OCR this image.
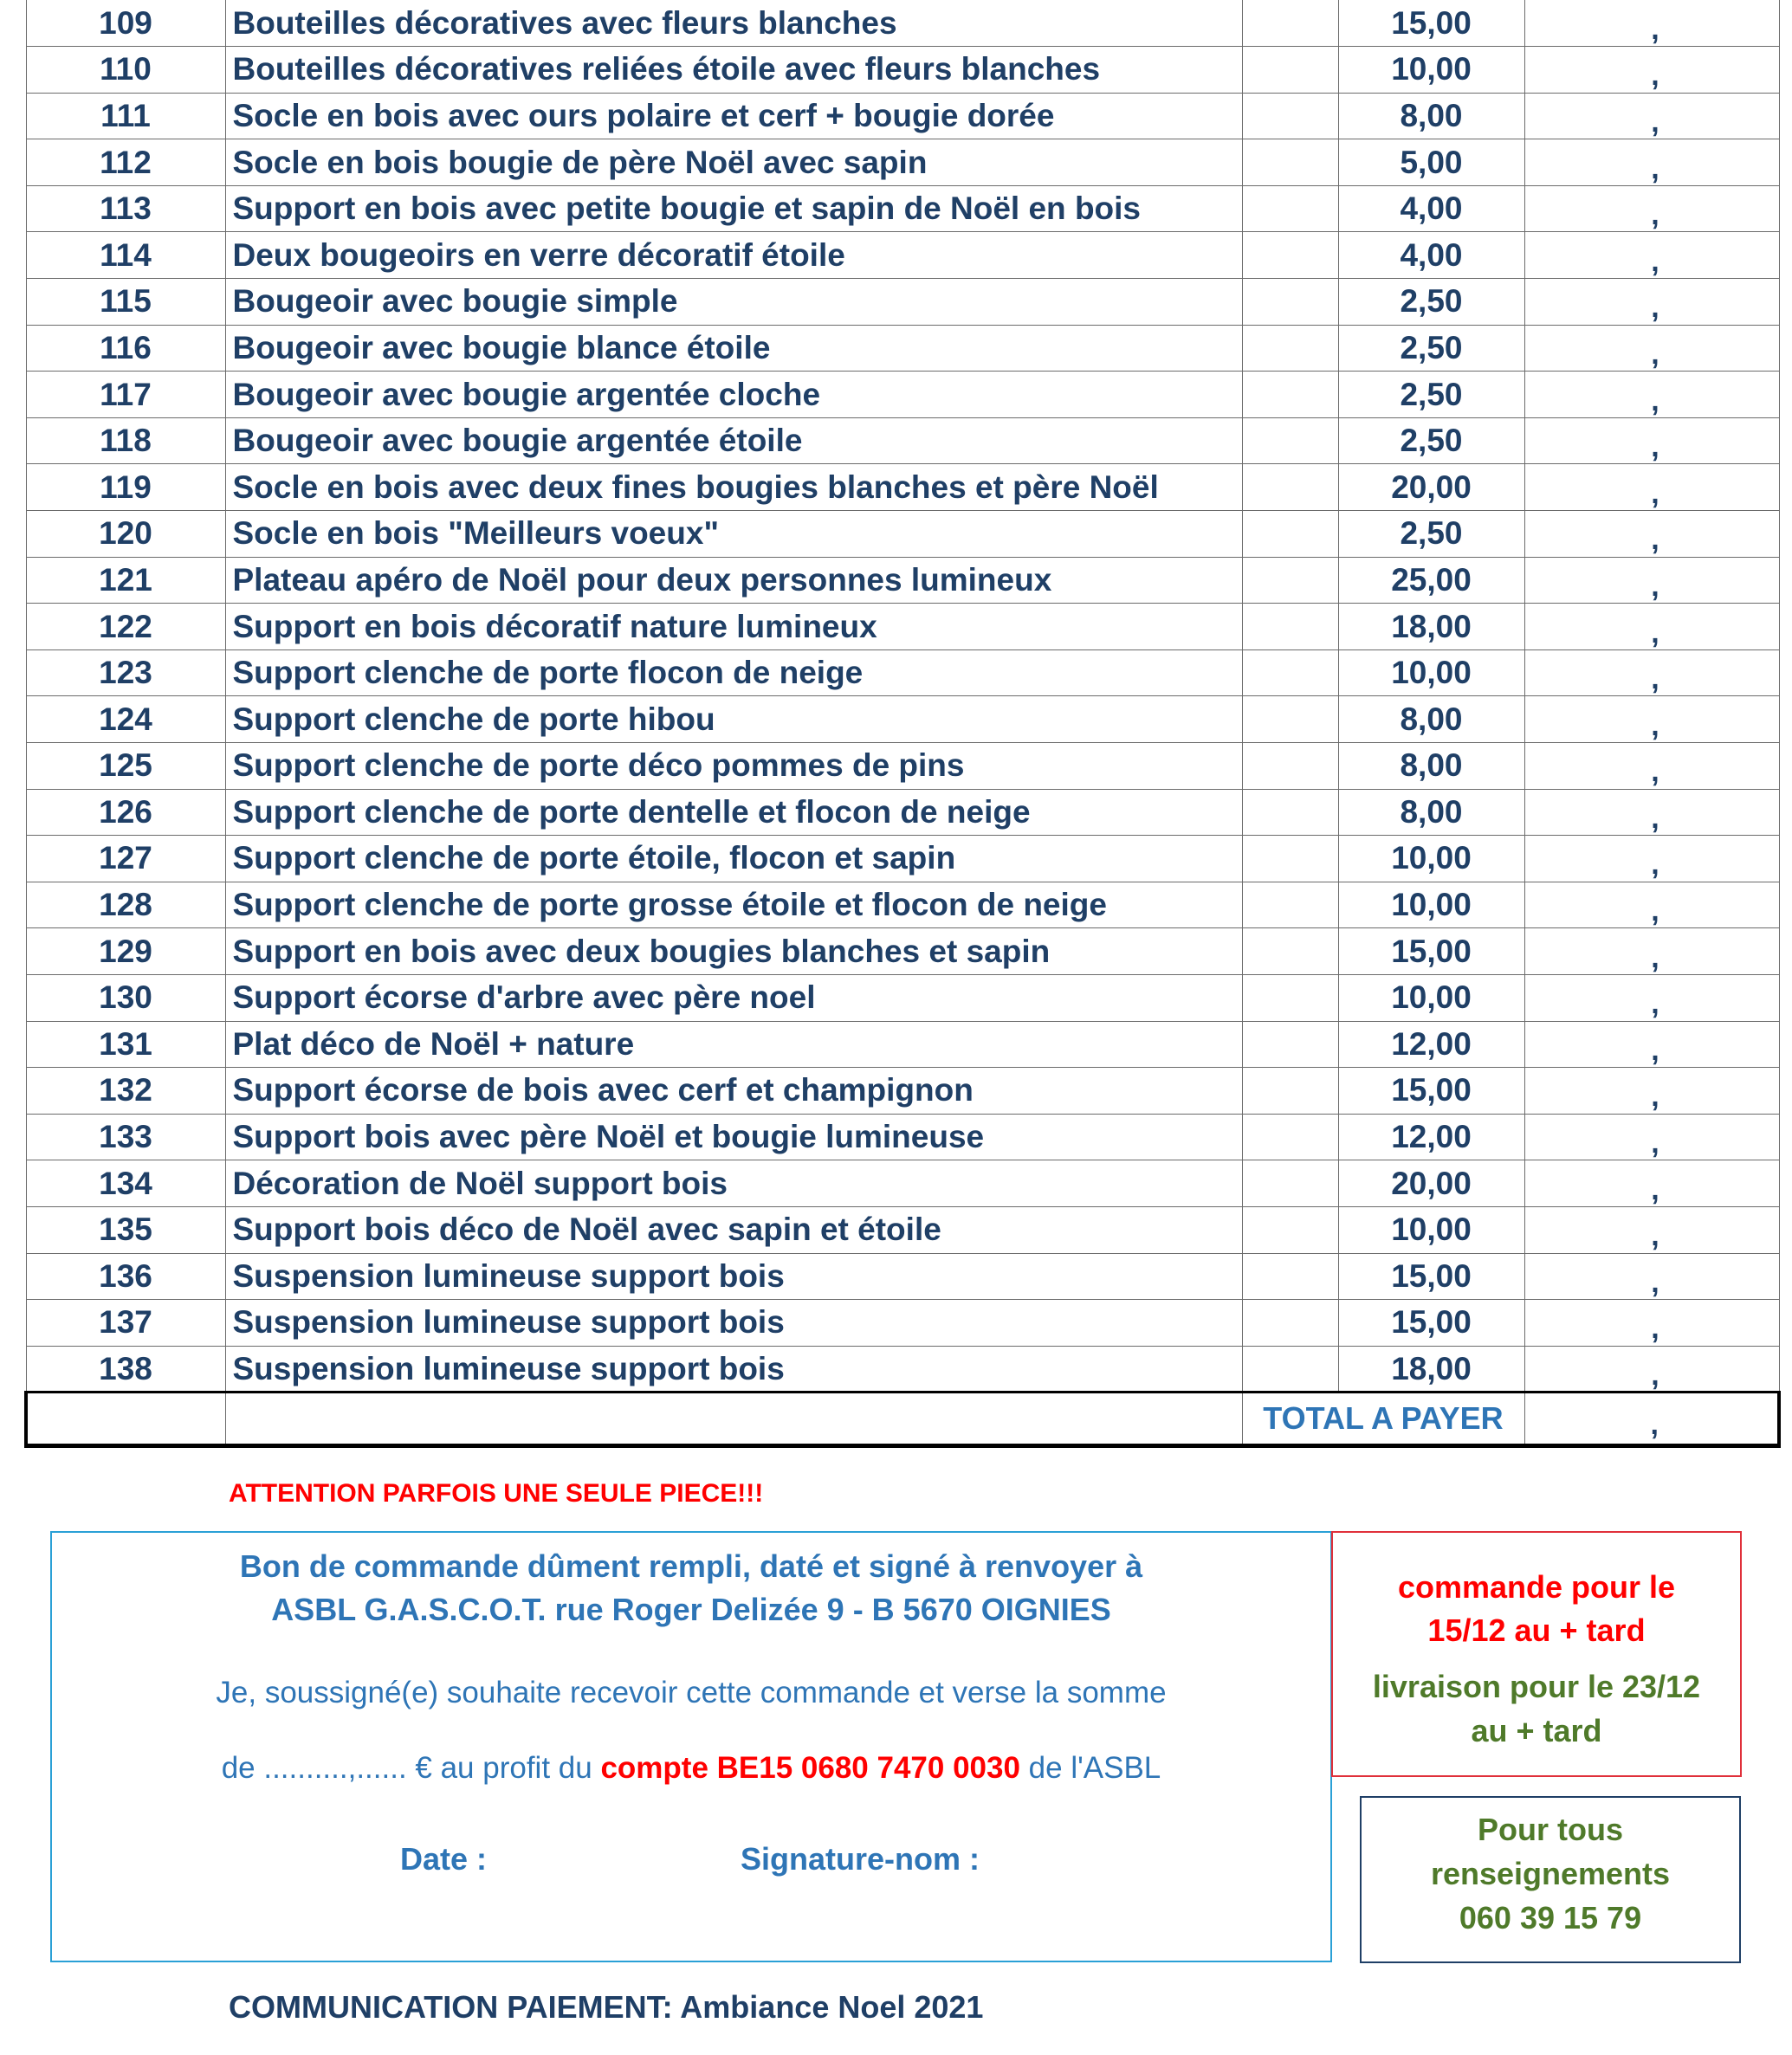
109	Bouteilles décoratives avec fleurs blanches		15,00	,
110	Bouteilles décoratives reliées étoile avec fleurs blanches		10,00	,
111	Socle en bois avec ours polaire et cerf + bougie dorée		8,00	,
112	Socle en bois bougie de père Noël avec sapin		5,00	,
113	Support en bois avec petite bougie et sapin de Noël en bois		4,00	,
114	Deux bougeoirs en verre décoratif étoile		4,00	,
115	Bougeoir avec bougie simple		2,50	,
116	Bougeoir avec bougie blance étoile		2,50	,
117	Bougeoir avec bougie argentée cloche		2,50	,
118	Bougeoir avec bougie argentée étoile		2,50	,
119	Socle en bois avec deux fines bougies blanches et père Noël		20,00	,
120	Socle en bois "Meilleurs voeux"		2,50	,
121	Plateau apéro de Noël pour deux personnes lumineux		25,00	,
122	Support en bois décoratif nature lumineux		18,00	,
123	Support clenche de porte flocon de neige		10,00	,
124	Support clenche de porte hibou		8,00	,
125	Support clenche de porte déco pommes de pins		8,00	,
126	Support clenche de porte dentelle et flocon de neige		8,00	,
127	Support clenche de porte étoile, flocon et sapin		10,00	,
128	Support clenche de porte grosse étoile et flocon de neige		10,00	,
129	Support en bois avec deux bougies blanches et sapin		15,00	,
130	Support écorse d'arbre avec père noel		10,00	,
131	Plat déco de Noël + nature		12,00	,
132	Support écorse de bois avec cerf et champignon		15,00	,
133	Support bois avec père Noël et bougie lumineuse		12,00	,
134	Décoration de Noël support bois		20,00	,
135	Support bois déco de Noël avec sapin et étoile		10,00	,
136	Suspension lumineuse support bois		15,00	,
137	Suspension lumineuse support bois		15,00	,
138	Suspension lumineuse support bois		18,00	,
		TOTAL A PAYER		,
ATTENTION PARFOIS UNE SEULE PIECE!!!
Bon de commande dûment rempli, daté et signé à renvoyer à
ASBL G.A.S.C.O.T. rue Roger Delizée 9 - B 5670 OIGNIES
Je, soussigné(e) souhaite recevoir cette commande et verse la somme
de ..........,...... € au profit du compte BE15 0680 7470 0030 de l'ASBL
Date :	Signature-nom :
commande pour le
15/12 au + tard
livraison pour le 23/12
au + tard
Pour tous
renseignements
060 39 15 79
COMMUNICATION PAIEMENT: Ambiance Noel 2021
